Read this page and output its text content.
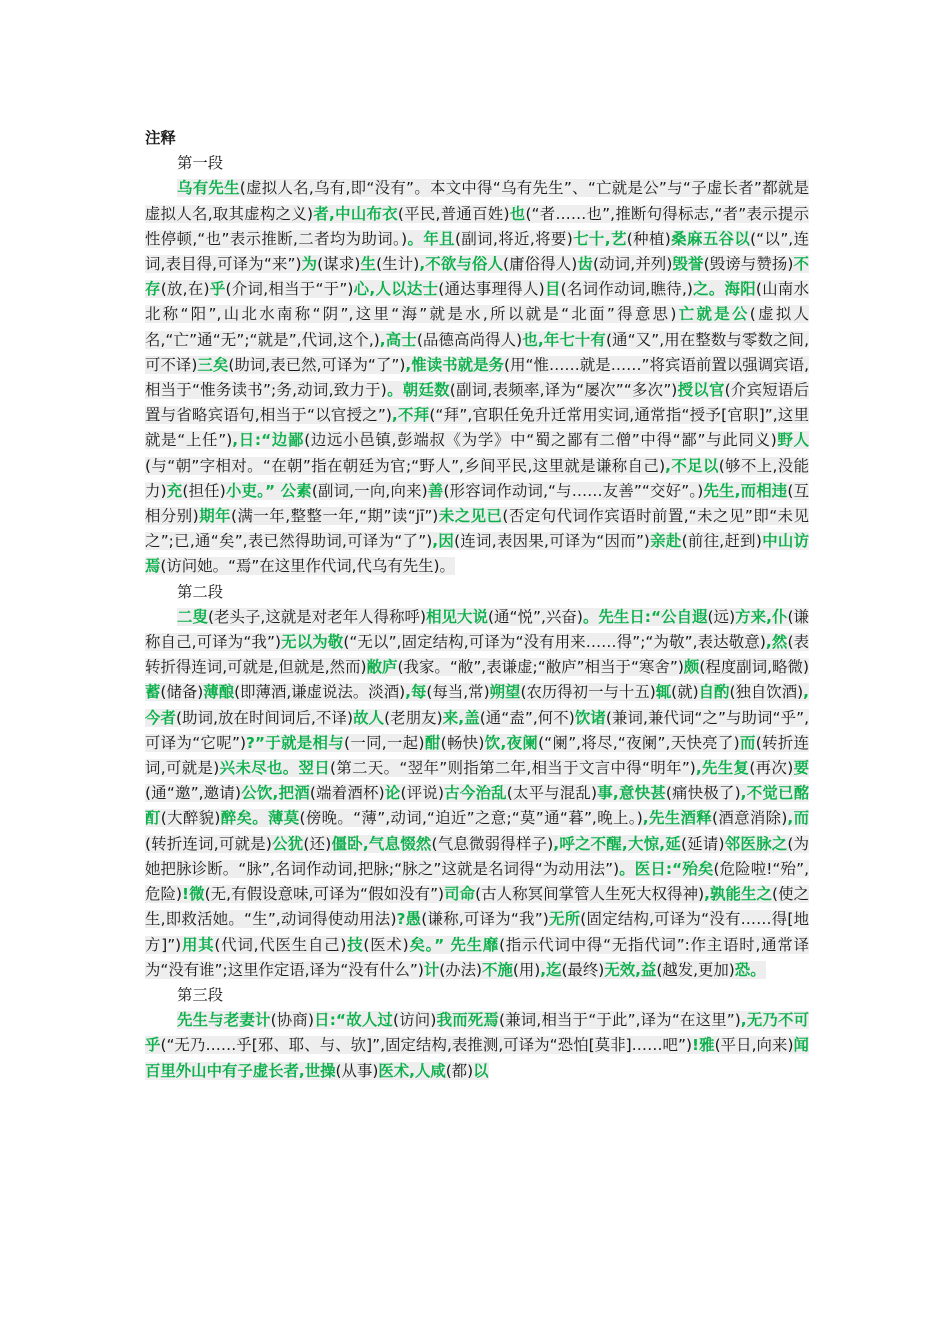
注释
第一段
乌有先生(虚拟人名,乌有,即“没有”。本文中得“乌有先生”、“亡就是公”与“子虚长者”都就是虚拟人名,取其虚构之义)者,中山布衣(平民,普通百姓)也(“者……也”,推断句得标志,“者”表示提示性停顿,“也”表示推断,二者均为助词。)。年且(副词,将近,将要)七十,艺(种植)桑麻五谷以(“以”,连词,表目得,可译为“来”)为(谋求)生(生计),不欲与俗人(庸俗得人)齿(动词,并列)毁誉(毁谤与赞扬)不存(放,在)乎(介词,相当于“于”)心,人以达士(通达事理得人)目(名词作动词,瞧待,)之。海阳(山南水北称“阳”,山北水南称“阴”,这里“海”就是水,所以就是“北面”得意思)亡就是公(虚拟人名,“亡”通“无”;“就是”,代词,这个,),高士(品德高尚得人)也,年七十有(通“又”,用在整数与零数之间,可不译)三矣(助词,表已然,可译为“了”),惟读书就是务(用“惟……就是……”将宾语前置以强调宾语,相当于“惟务读书”;务,动词,致力于)。朝廷数(副词,表频率,译为“屡次”“多次”)授以官(介宾短语后置与省略宾语句,相当于“以官授之”),不拜(“拜”,官职任免升迁常用实词,通常指“授予[官职]”,这里就是“上任”),日:“边鄙(边远小邑镇,彭端叔《为学》中“蜀之鄙有二僧”中得“鄙”与此同义)野人(与“朝”字相对。“在朝”指在朝廷为官;“野人”,乡间平民,这里就是谦称自己),不足以(够不上,没能力)充(担任)小吏。” 公素(副词,一向,向来)善(形容词作动词,“与……友善”“交好”。)先生,而相违(互相分别)期年(满一年,整整一年,“期”读“jī”)未之见已(否定句代词作宾语时前置,“未之见”即“未见之”;已,通“矣”,表已然得助词,可译为“了”),因(连词,表因果,可译为“因而”)亲赴(前往,赶到)中山访焉(访问她。“焉”在这里作代词,代乌有先生)。
第二段
二叟(老头子,这就是对老年人得称呼)相见大说(通“悦”,兴奋)。先生日:“公自遐(远)方来,仆(谦称自己,可译为“我”)无以为敬(“无以”,固定结构,可译为“没有用来……得”;“为敬”,表达敬意),然(表转折得连词,可就是,但就是,然而)敝庐(我家。“敝”,表谦虚;“敝庐”相当于“寒舍”)颇(程度副词,略微)蓄(储备)薄酿(即薄酒,谦虚说法。淡酒),每(每当,常)朔望(农历得初一与十五)辄(就)自酌(独自饮酒),今者(助词,放在时间词后,不译)故人(老朋友)来,盖(通“盍”,何不)饮诸(兼词,兼代词“之”与助词“乎”,可译为“它呢”)?”于就是相与(一同,一起)酣(畅快)饮,夜阑(“阑”,将尽,“夜阑”,天快亮了)而(转折连词,可就是)兴未尽也。翌日(第二天。“翌年”则指第二年,相当于文言中得“明年”),先生复(再次)要(通“邀”,邀请)公饮,把酒(端着酒杯)论(评说)古今治乱(太平与混乱)事,意快甚(痛快极了),不觉已酩酊(大醉貌)醉矣。薄莫(傍晚。“薄”,动词,“迫近”之意;“莫”通“暮”,晚上。),先生酒释(酒意消除),而(转折连词,可就是)公犹(还)僵卧,气息惙然(气息微弱得样子),呼之不醒,大惊,延(延请)邻医脉之(为她把脉诊断。“脉”,名词作动词,把脉;“脉之”这就是名词得“为动用法”)。医日:“殆矣(危险啦!“殆”,危险)!微(无,有假设意味,可译为“假如没有”)司命(古人称冥间掌管人生死大权得神),孰能生之(使之生,即救活她。“生”,动词得使动用法)?愚(谦称,可译为“我”)无所(固定结构,可译为“没有……得[地方]”)用其(代词,代医生自己)技(医术)矣。” 先生靡(指示代词中得“无指代词”:作主语时,通常译为“没有谁”;这里作定语,译为“没有什么”)计(办法)不施(用),迄(最终)无效,益(越发,更加)恐。
第三段
先生与老妻计(协商)日:“故人过(访问)我而死焉(兼词,相当于“于此”,译为“在这里”),无乃不可乎(“无乃……乎[邪、耶、与、欤]”,固定结构,表推测,可译为“恐怕[莫非]……吧”)!雅(平日,向来)闻百里外山中有子虚长者,世操(从事)医术,人咸(都)以
